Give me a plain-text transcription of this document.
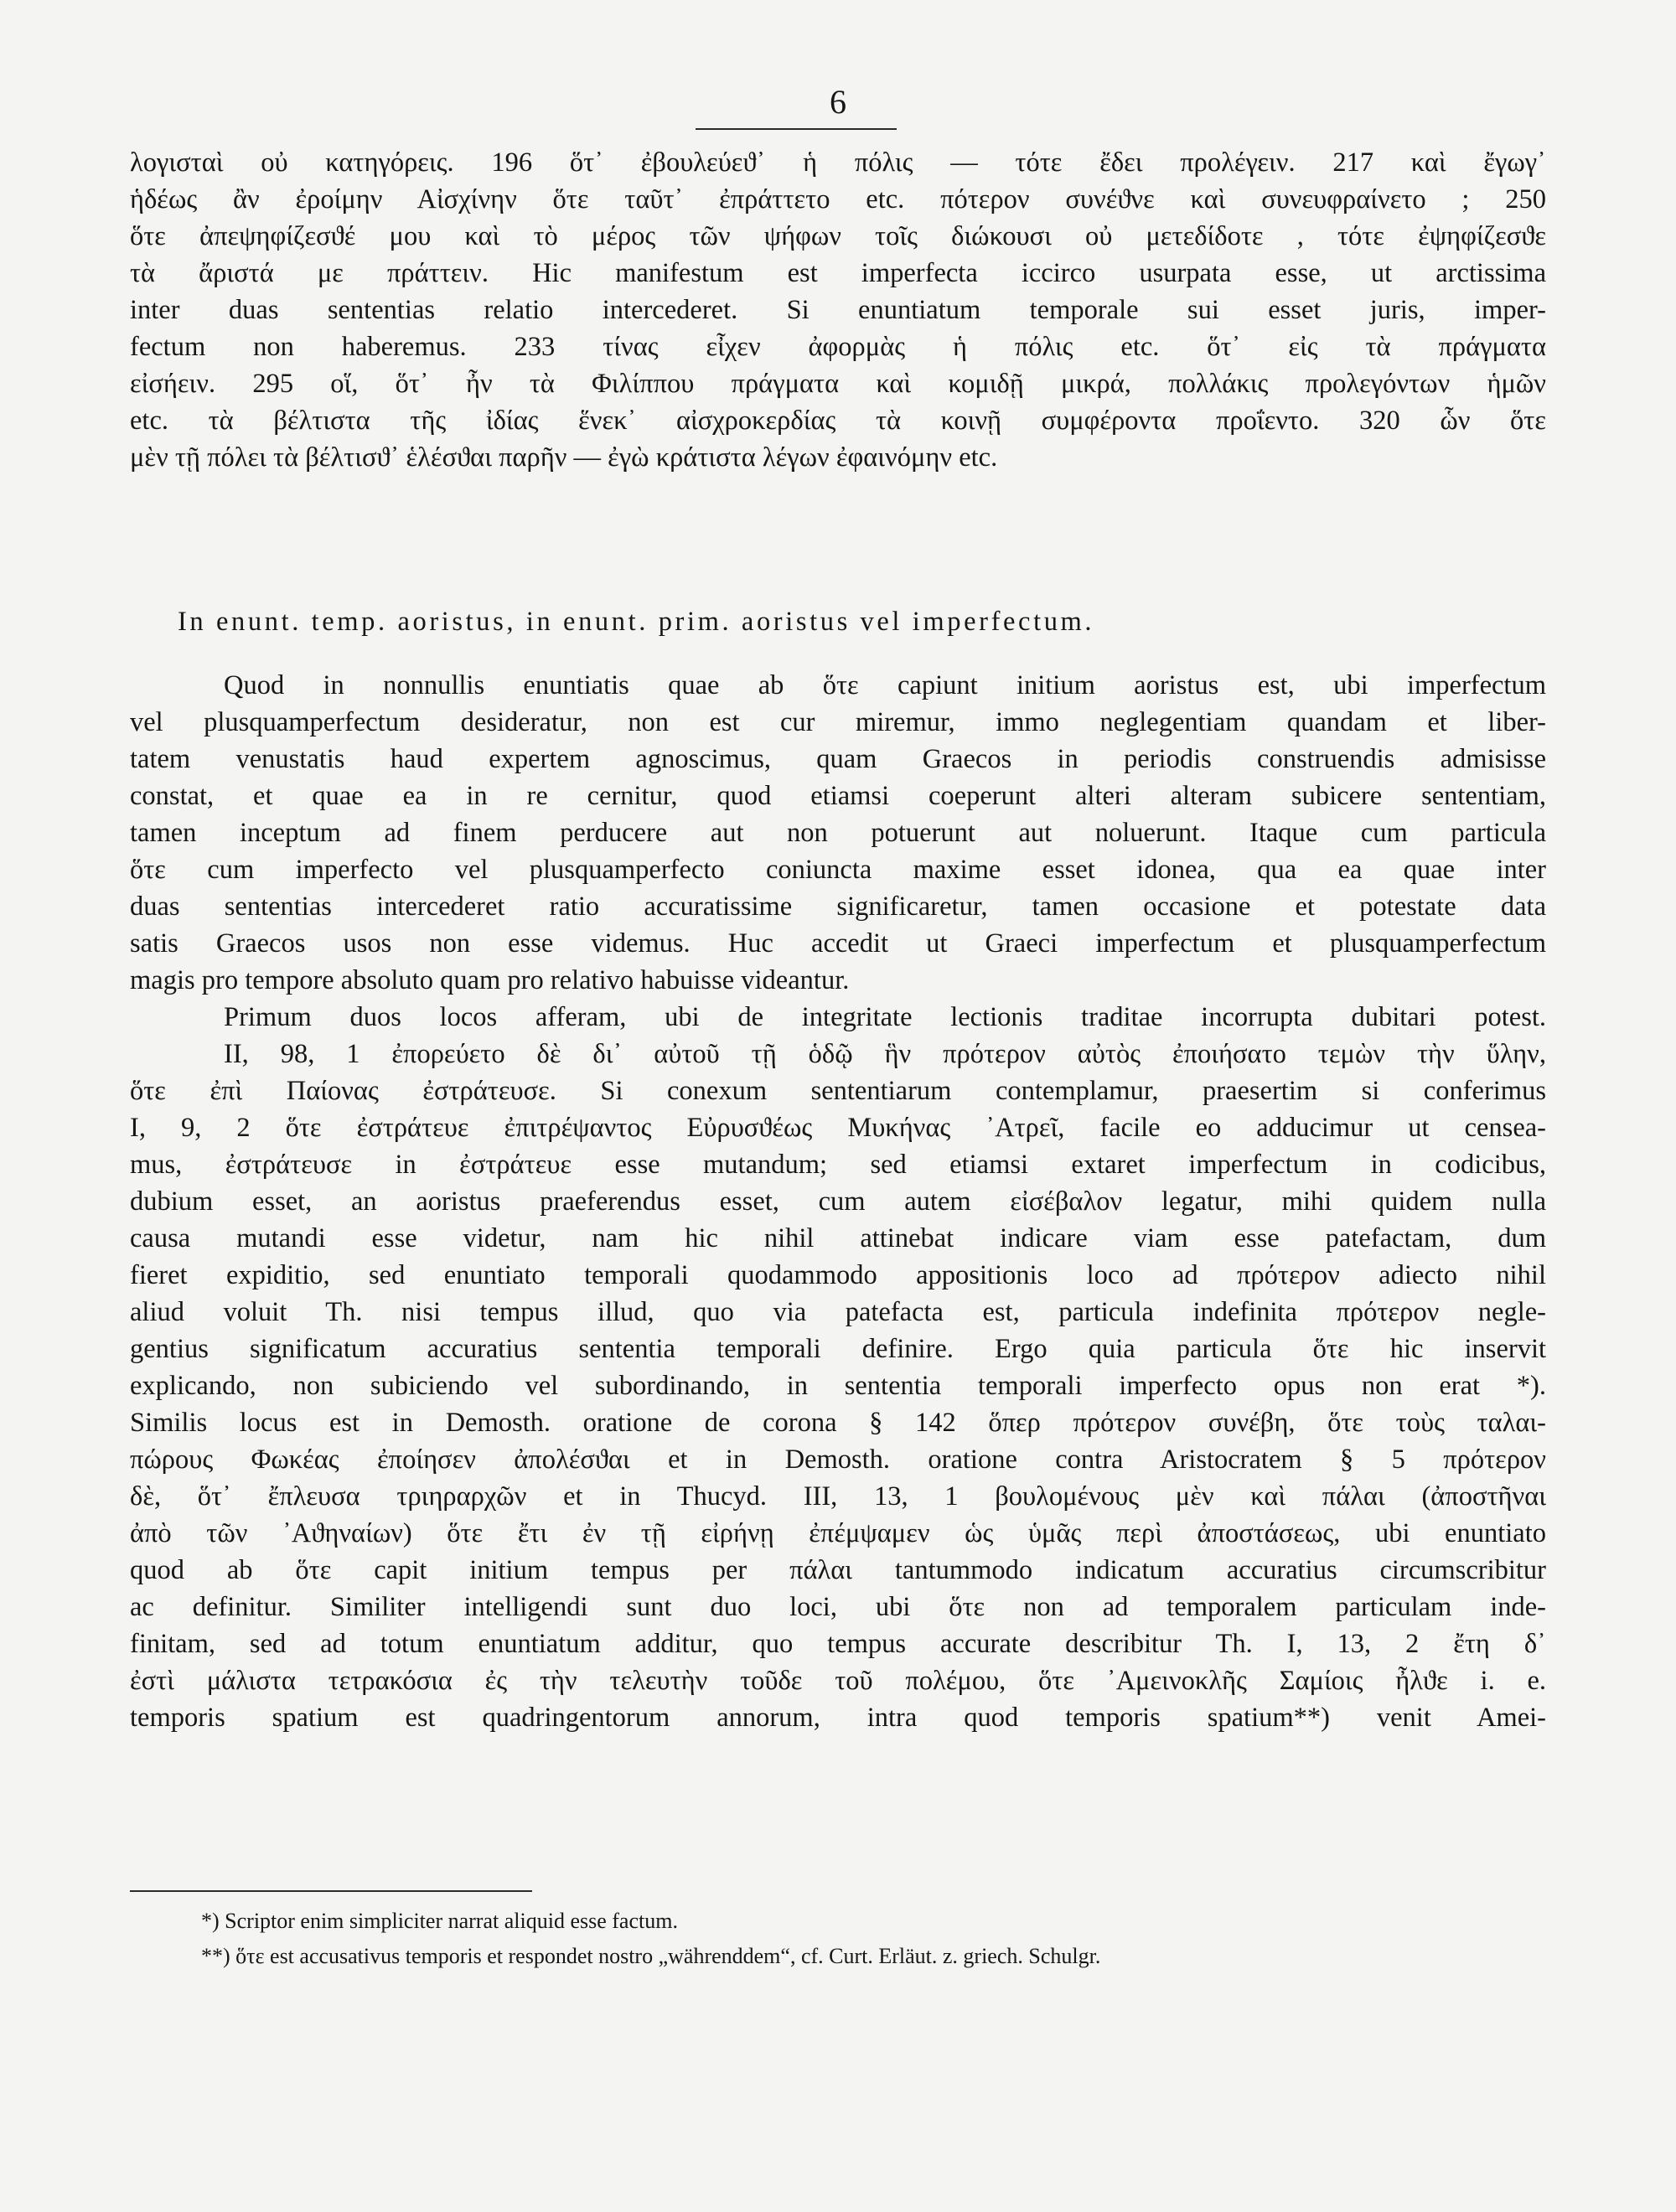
6
λογισταὶ οὐ κατηγόρεις. 196 ὅτ᾿ ἐβουλεύεϑ᾿ ἡ πόλις — τότε ἔδει προλέγειν. 217 καὶ ἔγωγ᾿
ἡδέως ἂν ἐροίμην Αἰσχίνην ὅτε ταῦτ᾿ ἐπράττετο etc. πότερον συνέϑνε καὶ συνευφραίνετο ; 250
ὅτε ἀπεψηφίζεσϑέ μου καὶ τὸ μέρος τῶν ψήφων τοῖς διώκουσι οὐ μετεδίδοτε , τότε ἐψηφίζεσϑε
τὰ ἄριστά με πράττειν. Hic manifestum est imperfecta iccirco usurpata esse, ut arctissima
inter duas sententias relatio intercederet. Si enuntiatum temporale sui esset juris, imper-
fectum non haberemus. 233 τίνας εἶχεν ἀφορμὰς ἡ πόλις etc. ὅτ᾿ εἰς τὰ πράγματα
εἰσήειν. 295 οἵ, ὅτ᾿ ἦν τὰ Φιλίππου πράγματα καὶ κομιδῇ μικρά, πολλάκις προλεγόντων ἡμῶν
etc. τὰ βέλτιστα τῆς ἰδίας ἕνεκ᾿ αἰσχροκερδίας τὰ κοινῇ συμφέροντα προΐεντο. 320 ὧν ὅτε
μὲν τῇ πόλει τὰ βέλτισϑ᾿ ἑλέσϑαι παρῆν — ἐγὼ κράτιστα λέγων ἐφαινόμην etc.
In enunt. temp. aoristus, in enunt. prim. aoristus vel imperfectum.
Quod in nonnullis enuntiatis quae ab ὅτε capiunt initium aoristus est, ubi imperfectum
vel plusquamperfectum desideratur, non est cur miremur, immo neglegentiam quandam et liber-
tatem venustatis haud expertem agnoscimus, quam Graecos in periodis construendis admisisse
constat, et quae ea in re cernitur, quod etiamsi coeperunt alteri alteram subicere sententiam,
tamen inceptum ad finem perducere aut non potuerunt aut noluerunt. Itaque cum particula
ὅτε cum imperfecto vel plusquamperfecto coniuncta maxime esset idonea, qua ea quae inter
duas sententias intercederet ratio accuratissime significaretur, tamen occasione et potestate data
satis Graecos usos non esse videmus. Huc accedit ut Graeci imperfectum et plusquamperfectum
magis pro tempore absoluto quam pro relativo habuisse videantur.
Primum duos locos afferam, ubi de integritate lectionis traditae incorrupta dubitari potest.
II, 98, 1 ἐπορεύετο δὲ δι᾿ αὐτοῦ τῇ ὁδῷ ἣν πρότερον αὐτὸς ἐποιήσατο τεμὼν τὴν ὕλην,
ὅτε ἐπὶ Παίονας ἐστράτευσε. Si conexum sententiarum contemplamur, praesertim si conferimus
I, 9, 2 ὅτε ἐστράτευε ἐπιτρέψαντος Εὐρυσϑέως Μυκήνας ᾿Ατρεῖ, facile eo adducimur ut censea-
mus, ἐστράτευσε in ἐστράτευε esse mutandum; sed etiamsi extaret imperfectum in codicibus,
dubium esset, an aoristus praeferendus esset, cum autem εἰσέβαλον legatur, mihi quidem nulla
causa mutandi esse videtur, nam hic nihil attinebat indicare viam esse patefactam, dum
fieret expiditio, sed enuntiato temporali quodammodo appositionis loco ad πρότερον adiecto nihil
aliud voluit Th. nisi tempus illud, quo via patefacta est, particula indefinita πρότερον negle-
gentius significatum accuratius sententia temporali definire. Ergo quia particula ὅτε hic inservit
explicando, non subiciendo vel subordinando, in sententia temporali imperfecto opus non erat *).
Similis locus est in Demosth. oratione de corona § 142 ὅπερ πρότερον συνέβη, ὅτε τοὺς ταλαι-
πώρους Φωκέας ἐποίησεν ἀπολέσϑαι et in Demosth. oratione contra Aristocratem § 5 πρότερον
δὲ, ὅτ᾿ ἔπλευσα τριηραρχῶν et in Thucyd. III, 13, 1 βουλομένους μὲν καὶ πάλαι (ἀποστῆναι
ἀπὸ τῶν ᾿Αϑηναίων) ὅτε ἔτι ἐν τῇ εἰρήνῃ ἐπέμψαμεν ὡς ὑμᾶς περὶ ἀποστάσεως, ubi enuntiato
quod ab ὅτε capit initium tempus per πάλαι tantummodo indicatum accuratius circumscribitur
ac definitur. Similiter intelligendi sunt duo loci, ubi ὅτε non ad temporalem particulam inde-
finitam, sed ad totum enuntiatum additur, quo tempus accurate describitur Th. I, 13, 2 ἔτη δ᾿
ἐστὶ μάλιστα τετρακόσια ἐς τὴν τελευτὴν τοῦδε τοῦ πολέμου, ὅτε ᾿Αμεινοκλῆς Σαμίοις ἦλϑε i. e.
temporis spatium est quadringentorum annorum, intra quod temporis spatium**) venit Amei-
*) Scriptor enim simpliciter narrat aliquid esse factum.
**) ὅτε est accusativus temporis et respondet nostro „währenddem“, cf. Curt. Erläut. z. griech. Schulgr.
